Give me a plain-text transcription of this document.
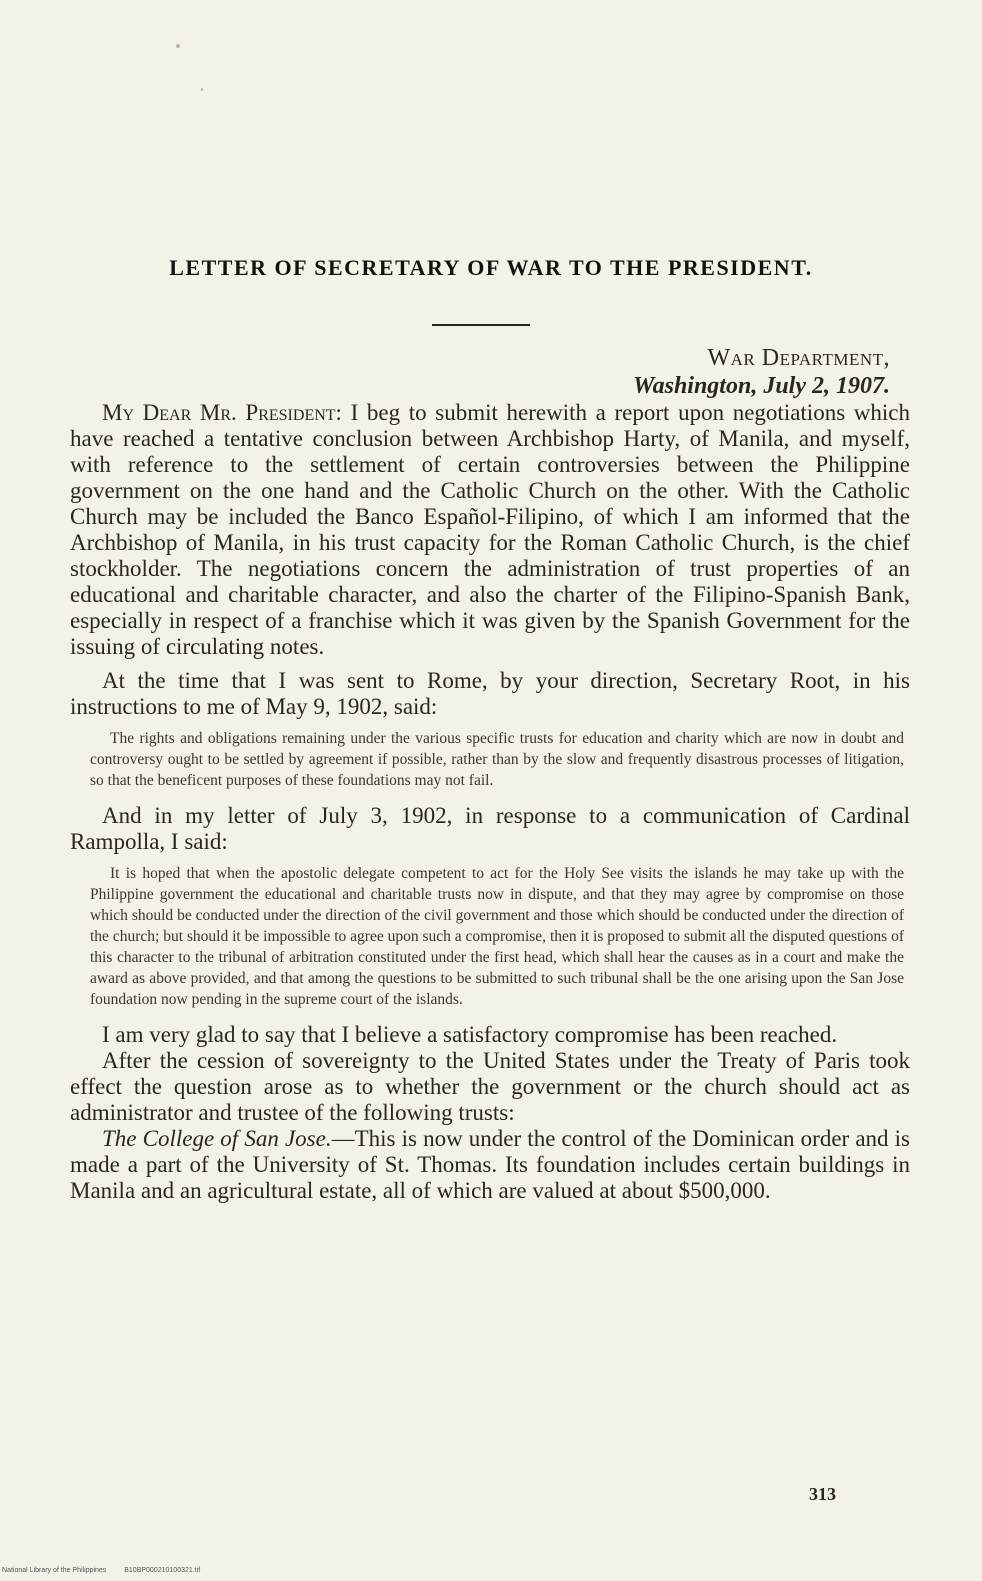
LETTER OF SECRETARY OF WAR TO THE PRESIDENT.
War Department,
Washington, July 2, 1907.

My Dear Mr. President: I beg to submit herewith a report upon negotiations which have reached a tentative conclusion between Archbishop Harty, of Manila, and myself, with reference to the settlement of certain controversies between the Philippine government on the one hand and the Catholic Church on the other. With the Catholic Church may be included the Banco Español-Filipino, of which I am informed that the Archbishop of Manila, in his trust capacity for the Roman Catholic Church, is the chief stockholder. The negotiations concern the administration of trust properties of an educational and charitable character, and also the charter of the Filipino-Spanish Bank, especially in respect of a franchise which it was given by the Spanish Government for the issuing of circulating notes.

At the time that I was sent to Rome, by your direction, Secretary Root, in his instructions to me of May 9, 1902, said:

The rights and obligations remaining under the various specific trusts for education and charity which are now in doubt and controversy ought to be settled by agreement if possible, rather than by the slow and frequently disastrous processes of litigation, so that the beneficent purposes of these foundations may not fail.

And in my letter of July 3, 1902, in response to a communication of Cardinal Rampolla, I said:

It is hoped that when the apostolic delegate competent to act for the Holy See visits the islands he may take up with the Philippine government the educational and charitable trusts now in dispute, and that they may agree by compromise on those which should be conducted under the direction of the civil government and those which should be conducted under the direction of the church; but should it be impossible to agree upon such a compromise, then it is proposed to submit all the disputed questions of this character to the tribunal of arbitration constituted under the first head, which shall hear the causes as in a court and make the award as above provided, and that among the questions to be submitted to such tribunal shall be the one arising upon the San Jose foundation now pending in the supreme court of the islands.

I am very glad to say that I believe a satisfactory compromise has been reached.

After the cession of sovereignty to the United States under the Treaty of Paris took effect the question arose as to whether the government or the church should act as administrator and trustee of the following trusts:

The College of San Jose.—This is now under the control of the Dominican order and is made a part of the University of St. Thomas. Its foundation includes certain buildings in Manila and an agricultural estate, all of which are valued at about $500,000.

313
National Library of the Philippines	B10BP000210100321.tif
